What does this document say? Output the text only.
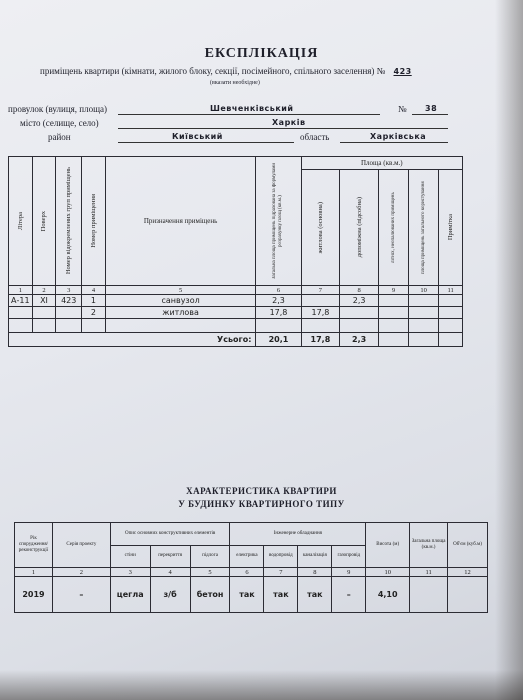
ЕКСПЛІКАЦІЯ
приміщень квартири (кімнати, жилого блоку, секції, посімейного, спільного заселення) № 423
(вказати необхідне)
провулок (вулиця, площа)	Шевченківський	№ 38
місто (селище, село)	Харків
район	Київський	область	Харківська
Літера	Поверх	Номер відокремлених груп приміщень	Номер приміщення	Призначення приміщень	Загальна площа приміщень підрахована за формулами розрахунку площ (кв.м.)	Площа (кв.м.)				

						житлова (основна)	допоміжна (підсобна)	літніх, неопалюваних приміщень	площа приміщень загального користування	Примітка

1	2	3	4	5	6	7	8	9	10	11
А-11	XI	423	1	санвузол	2,3		2,3			
			2	житлова	17,8	17,8				

Усього:					20,1	17,8	2,3			
ХАРАКТЕРИСТИКА КВАРТИРИ
У БУДИНКУ КВАРТИРНОГО ТИПУ
Рік спорудження/ реконструкції	Серія проекту	Опис основних конструктивних елементів			Інженерне обладнання				Висота (м)	Загальна площа (кв.м.)	Об'єм (куб.м)
		стіни	перекриття	підлога	електрика	водопровід	каналізація	газопровід			
1	2	3	4	5	6	7	8	9	10	11	12
2019	–	цегла	з/б	бетон	так	так	так	–	4,10		
